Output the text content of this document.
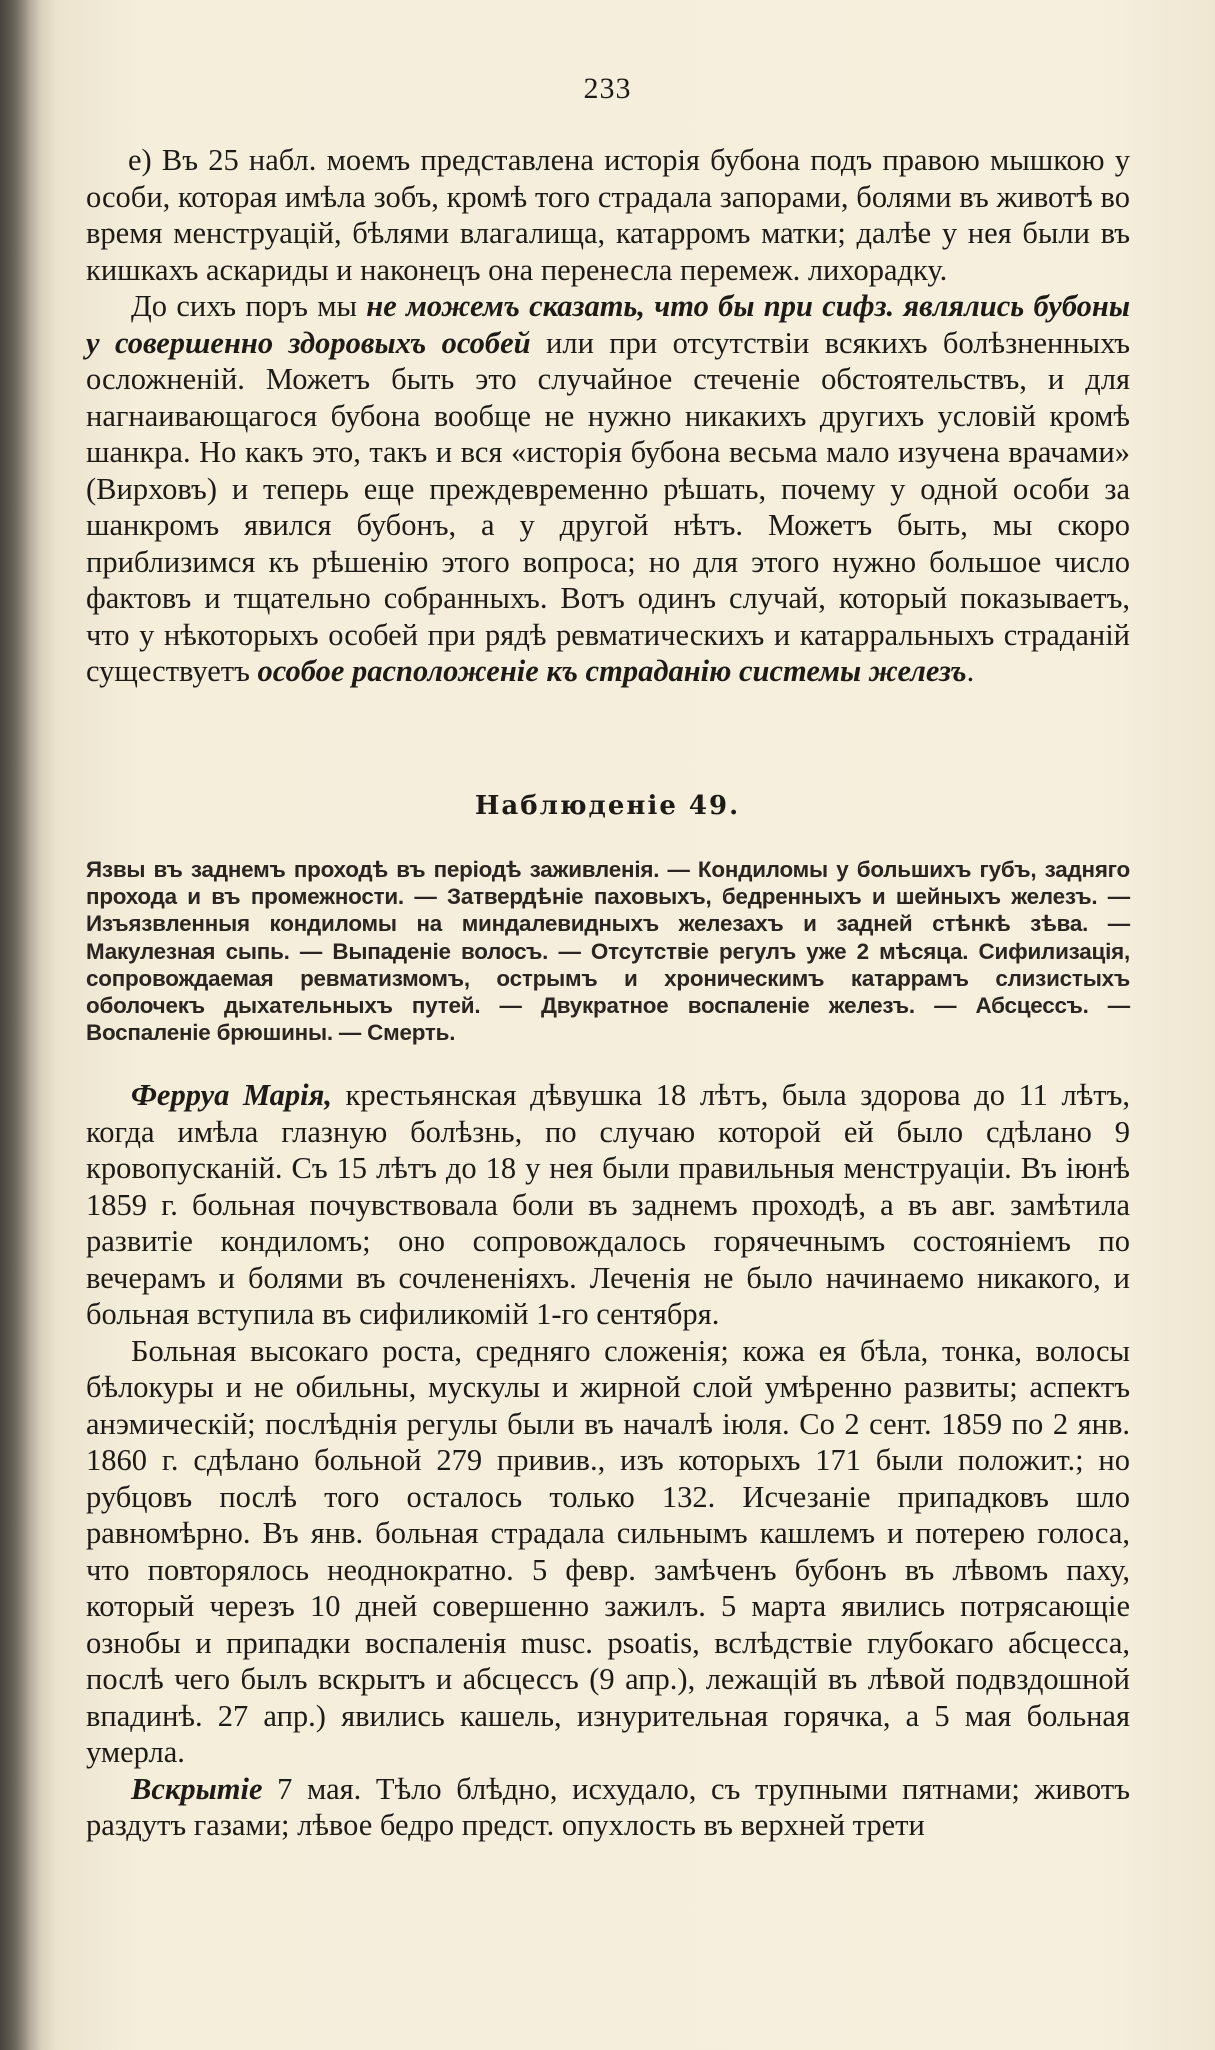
233

е) Въ 25 набл. моемъ представлена исторія бубона подъ правою мышкою у особи, которая имѣла зобъ, кромѣ того страдала запорами, болями въ животѣ во время менструацій, бѣлями влагалища, катарромъ матки; далѣе у нея были въ кишкахъ аскариды и наконецъ она перенесла перемеж. лихорадку.

До сихъ поръ мы не можемъ сказать, что бы при сифз. являлись бубоны у совершенно здоровыхъ особей или при отсутствіи всякихъ болѣзненныхъ осложненій. Можетъ быть это случайное стеченіе обстоятельствъ, и для нагнаивающагося бубона вообще не нужно никакихъ другихъ условій кромѣ шанкра. Но какъ это, такъ и вся «исторія бубона весьма мало изучена врачами» (Вирховъ) и теперь еще преждевременно рѣшать, почему у одной особи за шанкромъ явился бубонъ, а у другой нѣтъ. Можетъ быть, мы скоро приблизимся къ рѣшенію этого вопроса; но для этого нужно большое число фактовъ и тщательно собранныхъ. Вотъ одинъ случай, который показываетъ, что у нѣкоторыхъ особей при рядѣ ревматическихъ и катарральныхъ страданій существуетъ особое расположеніе къ страданію системы железъ.

Наблюденіе 49.
Язвы въ заднемъ проходѣ въ періодѣ заживленія. — Кондиломы у большихъ губъ, задняго прохода и въ промежности. — Затвердѣніе паховыхъ, бедренныхъ и шейныхъ железъ. — Изъязвленныя кондиломы на миндалевидныхъ железахъ и задней стѣнкѣ зѣва. — Макулезная сыпь. — Выпаденіе волосъ. — Отсутствіе регулъ уже 2 мѣсяца. Сифилизація, сопровождаемая ревматизмомъ, острымъ и хроническимъ катаррамъ слизистыхъ оболочекъ дыхательныхъ путей. — Двукратное воспаленіе железъ. — Абсцессъ. — Воспаленіе брюшины. — Смерть.

Ферруа Марія, крестьянская дѣвушка 18 лѣтъ, была здорова до 11 лѣтъ, когда имѣла глазную болѣзнь, по случаю которой ей было сдѣлано 9 кровопусканій. Съ 15 лѣтъ до 18 у нея были правильныя менструаціи. Въ іюнѣ 1859 г. больная почувствовала боли въ заднемъ проходѣ, а въ авг. замѣтила развитіе кондиломъ; оно сопровождалось горячечнымъ состояніемъ по вечерамъ и болями въ сочлененіяхъ. Леченія не было начинаемо никакого, и больная вступила въ сифиликомій 1-го сентября.

Больная высокаго роста, средняго сложенія; кожа ея бѣла, тонка, волосы бѣлокуры и не обильны, мускулы и жирной слой умѣренно развиты; аспектъ анэмическій; послѣднія регулы были въ началѣ іюля. Со 2 сент. 1859 по 2 янв. 1860 г. сдѣлано больной 279 привив., изъ которыхъ 171 были положит.; но рубцовъ послѣ того осталось только 132. Исчезаніе припадковъ шло равномѣрно. Въ янв. больная страдала сильнымъ кашлемъ и потерею голоса, что повторялось неоднократно. 5 февр. замѣченъ бубонъ въ лѣвомъ паху, который черезъ 10 дней совершенно зажилъ. 5 марта явились потрясающіе ознобы и припадки воспаленія musc. psoatis, вслѣдствіе глубокаго абсцесса, послѣ чего былъ вскрытъ и абсцессъ (9 апр.), лежащій въ лѣвой подвздошной впадинѣ. 27 апр.) явились кашель, изнурительная горячка, а 5 мая больная умерла.

Вскрытіе 7 мая. Тѣло блѣдно, исхудало, съ трупными пятнами; животъ раздутъ газами; лѣвое бедро предст. опухлость въ верхней трети
